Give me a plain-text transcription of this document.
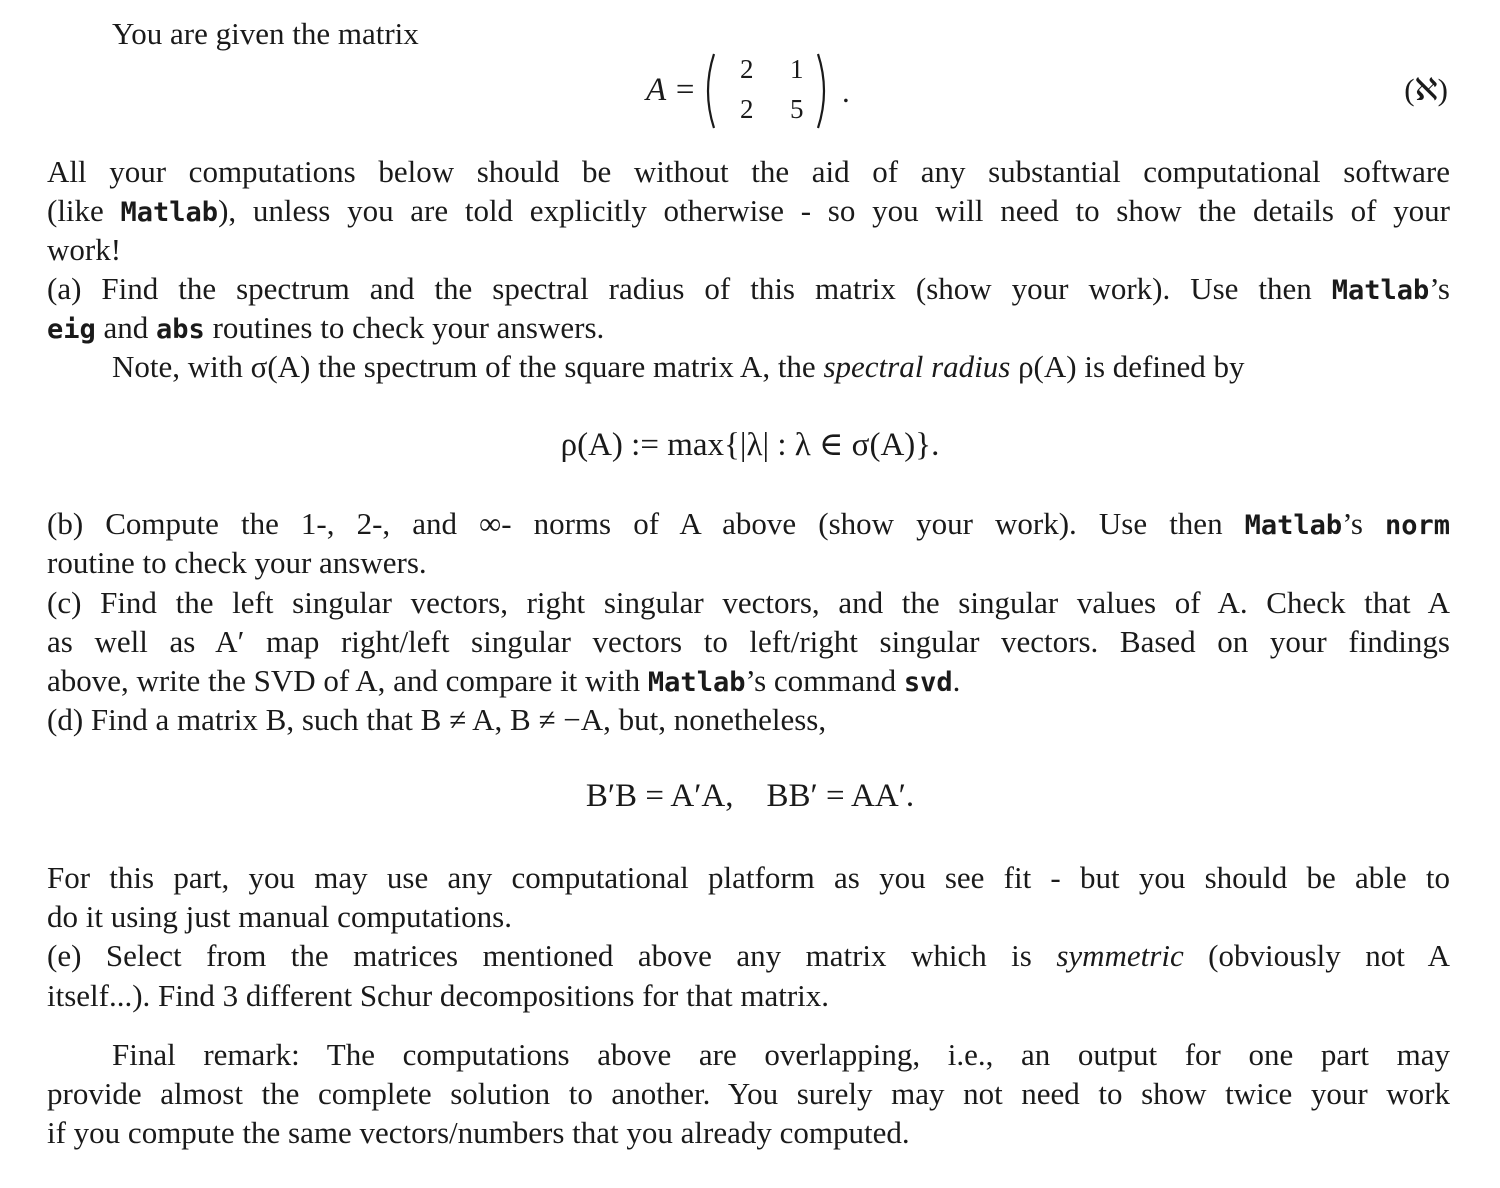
You are given the matrix
A =
2 1
2 5 .	(ℵ)
All your computations below should be without the aid of any substantial computational software
(like Matlab), unless you are told explicitly otherwise - so you will need to show the details of your
work!
(a) Find the spectrum and the spectral radius of this matrix (show your work). Use then Matlab’s
eig and abs routines to check your answers.
Note, with σ(A) the spectrum of the square matrix A, the spectral radius ρ(A) is defined by
ρ(A) := max{|λ| : λ ∈ σ(A)}.
(b) Compute the 1-, 2-, and ∞- norms of A above (show your work). Use then Matlab’s norm
routine to check your answers.
(c) Find the left singular vectors, right singular vectors, and the singular values of A. Check that A
as well as A′ map right/left singular vectors to left/right singular vectors. Based on your findings
above, write the SVD of A, and compare it with Matlab’s command svd.
(d) Find a matrix B, such that B ≠ A, B ≠ −A, but, nonetheless,
B′B = A′A,    BB′ = AA′.
For this part, you may use any computational platform as you see fit - but you should be able to
do it using just manual computations.
(e) Select from the matrices mentioned above any matrix which is symmetric (obviously not A
itself...). Find 3 different Schur decompositions for that matrix.
Final remark: The computations above are overlapping, i.e., an output for one part may
provide almost the complete solution to another. You surely may not need to show twice your work
if you compute the same vectors/numbers that you already computed.
